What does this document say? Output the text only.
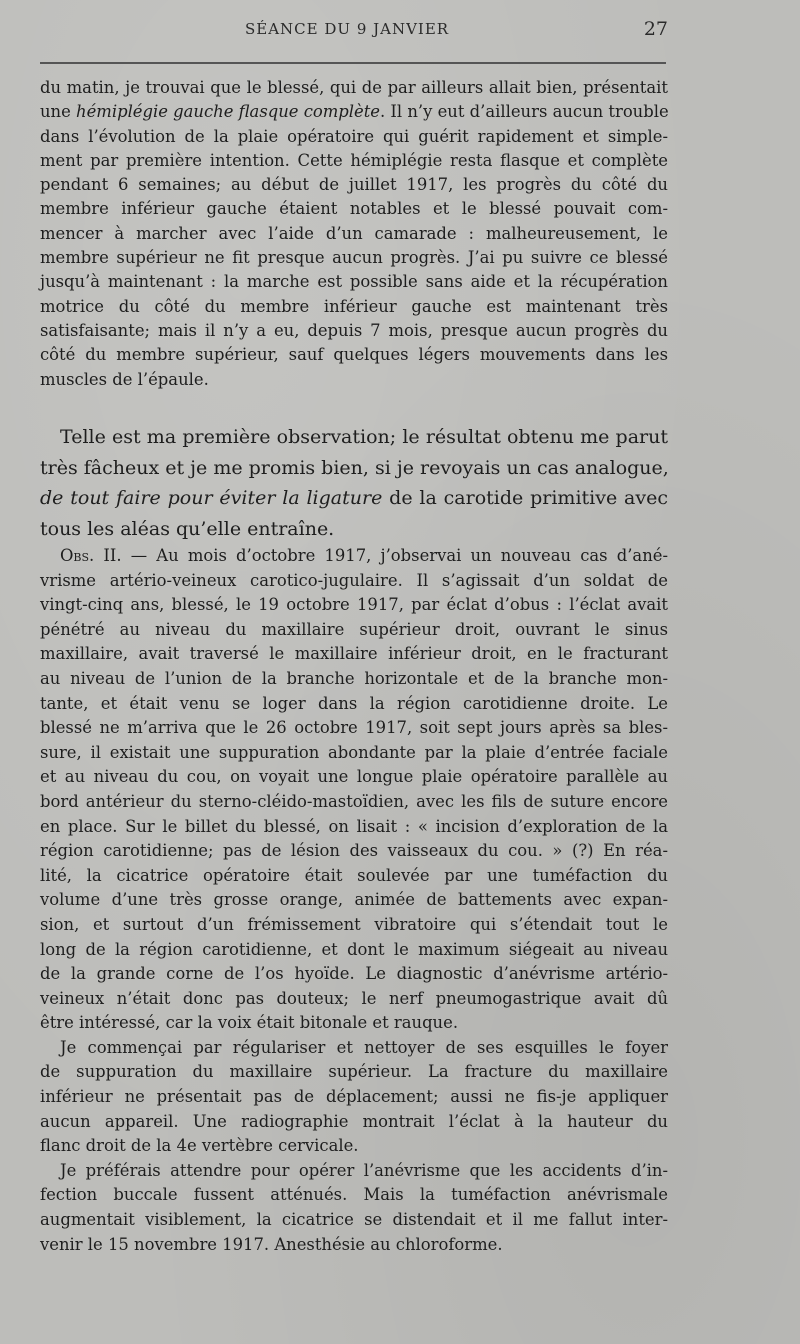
SÉANCE DU 9 JANVIER	27
du matin, je trouvai que le blessé, qui de par ailleurs allait bien, présentait
une hémiplégie gauche flasque complète. Il n’y eut d’ailleurs aucun trouble
dans l’évolution de la plaie opératoire qui guérit rapidement et simple-
ment par première intention. Cette hémiplégie resta flasque et complète
pendant 6 semaines; au début de juillet 1917, les progrès du côté du
membre inférieur gauche étaient notables et le blessé pouvait com-
mencer à marcher avec l’aide d’un camarade : malheureusement, le
membre supérieur ne fit presque aucun progrès. J’ai pu suivre ce blessé
jusqu’à maintenant : la marche est possible sans aide et la récupération
motrice du côté du membre inférieur gauche est maintenant très
satisfaisante; mais il n’y a eu, depuis 7 mois, presque aucun progrès du
côté du membre supérieur, sauf quelques légers mouvements dans les
muscles de l’épaule.
Telle est ma première observation; le résultat obtenu me parut
très fâcheux et je me promis bien, si je revoyais un cas analogue,
de tout faire pour éviter la ligature de la carotide primitive avec
tous les aléas qu’elle entraîne.
Obs. II. — Au mois d’octobre 1917, j’observai un nouveau cas d’ané-
vrisme artério-veineux carotico-jugulaire. Il s’agissait d’un soldat de
vingt-cinq ans, blessé, le 19 octobre 1917, par éclat d’obus : l’éclat avait
pénétré au niveau du maxillaire supérieur droit, ouvrant le sinus
maxillaire, avait traversé le maxillaire inférieur droit, en le fracturant
au niveau de l’union de la branche horizontale et de la branche mon-
tante, et était venu se loger dans la région carotidienne droite. Le
blessé ne m’arriva que le 26 octobre 1917, soit sept jours après sa bles-
sure, il existait une suppuration abondante par la plaie d’entrée faciale
et au niveau du cou, on voyait une longue plaie opératoire parallèle au
bord antérieur du sterno-cléido-mastoïdien, avec les fils de suture encore
en place. Sur le billet du blessé, on lisait : « incision d’exploration de la
région carotidienne; pas de lésion des vaisseaux du cou. » (?) En réa-
lité, la cicatrice opératoire était soulevée par une tuméfaction du
volume d’une très grosse orange, animée de battements avec expan-
sion, et surtout d’un frémissement vibratoire qui s’étendait tout le
long de la région carotidienne, et dont le maximum siégeait au niveau
de la grande corne de l’os hyoïde. Le diagnostic d’anévrisme artério-
veineux n’était donc pas douteux; le nerf pneumogastrique avait dû
être intéressé, car la voix était bitonale et rauque.
Je commençai par régulariser et nettoyer de ses esquilles le foyer
de suppuration du maxillaire supérieur. La fracture du maxillaire
inférieur ne présentait pas de déplacement; aussi ne fis-je appliquer
aucun appareil. Une radiographie montrait l’éclat à la hauteur du
flanc droit de la 4e vertèbre cervicale.
Je préférais attendre pour opérer l’anévrisme que les accidents d’in-
fection buccale fussent atténués. Mais la tuméfaction anévrismale
augmentait visiblement, la cicatrice se distendait et il me fallut inter-
venir le 15 novembre 1917. Anesthésie au chloroforme.
